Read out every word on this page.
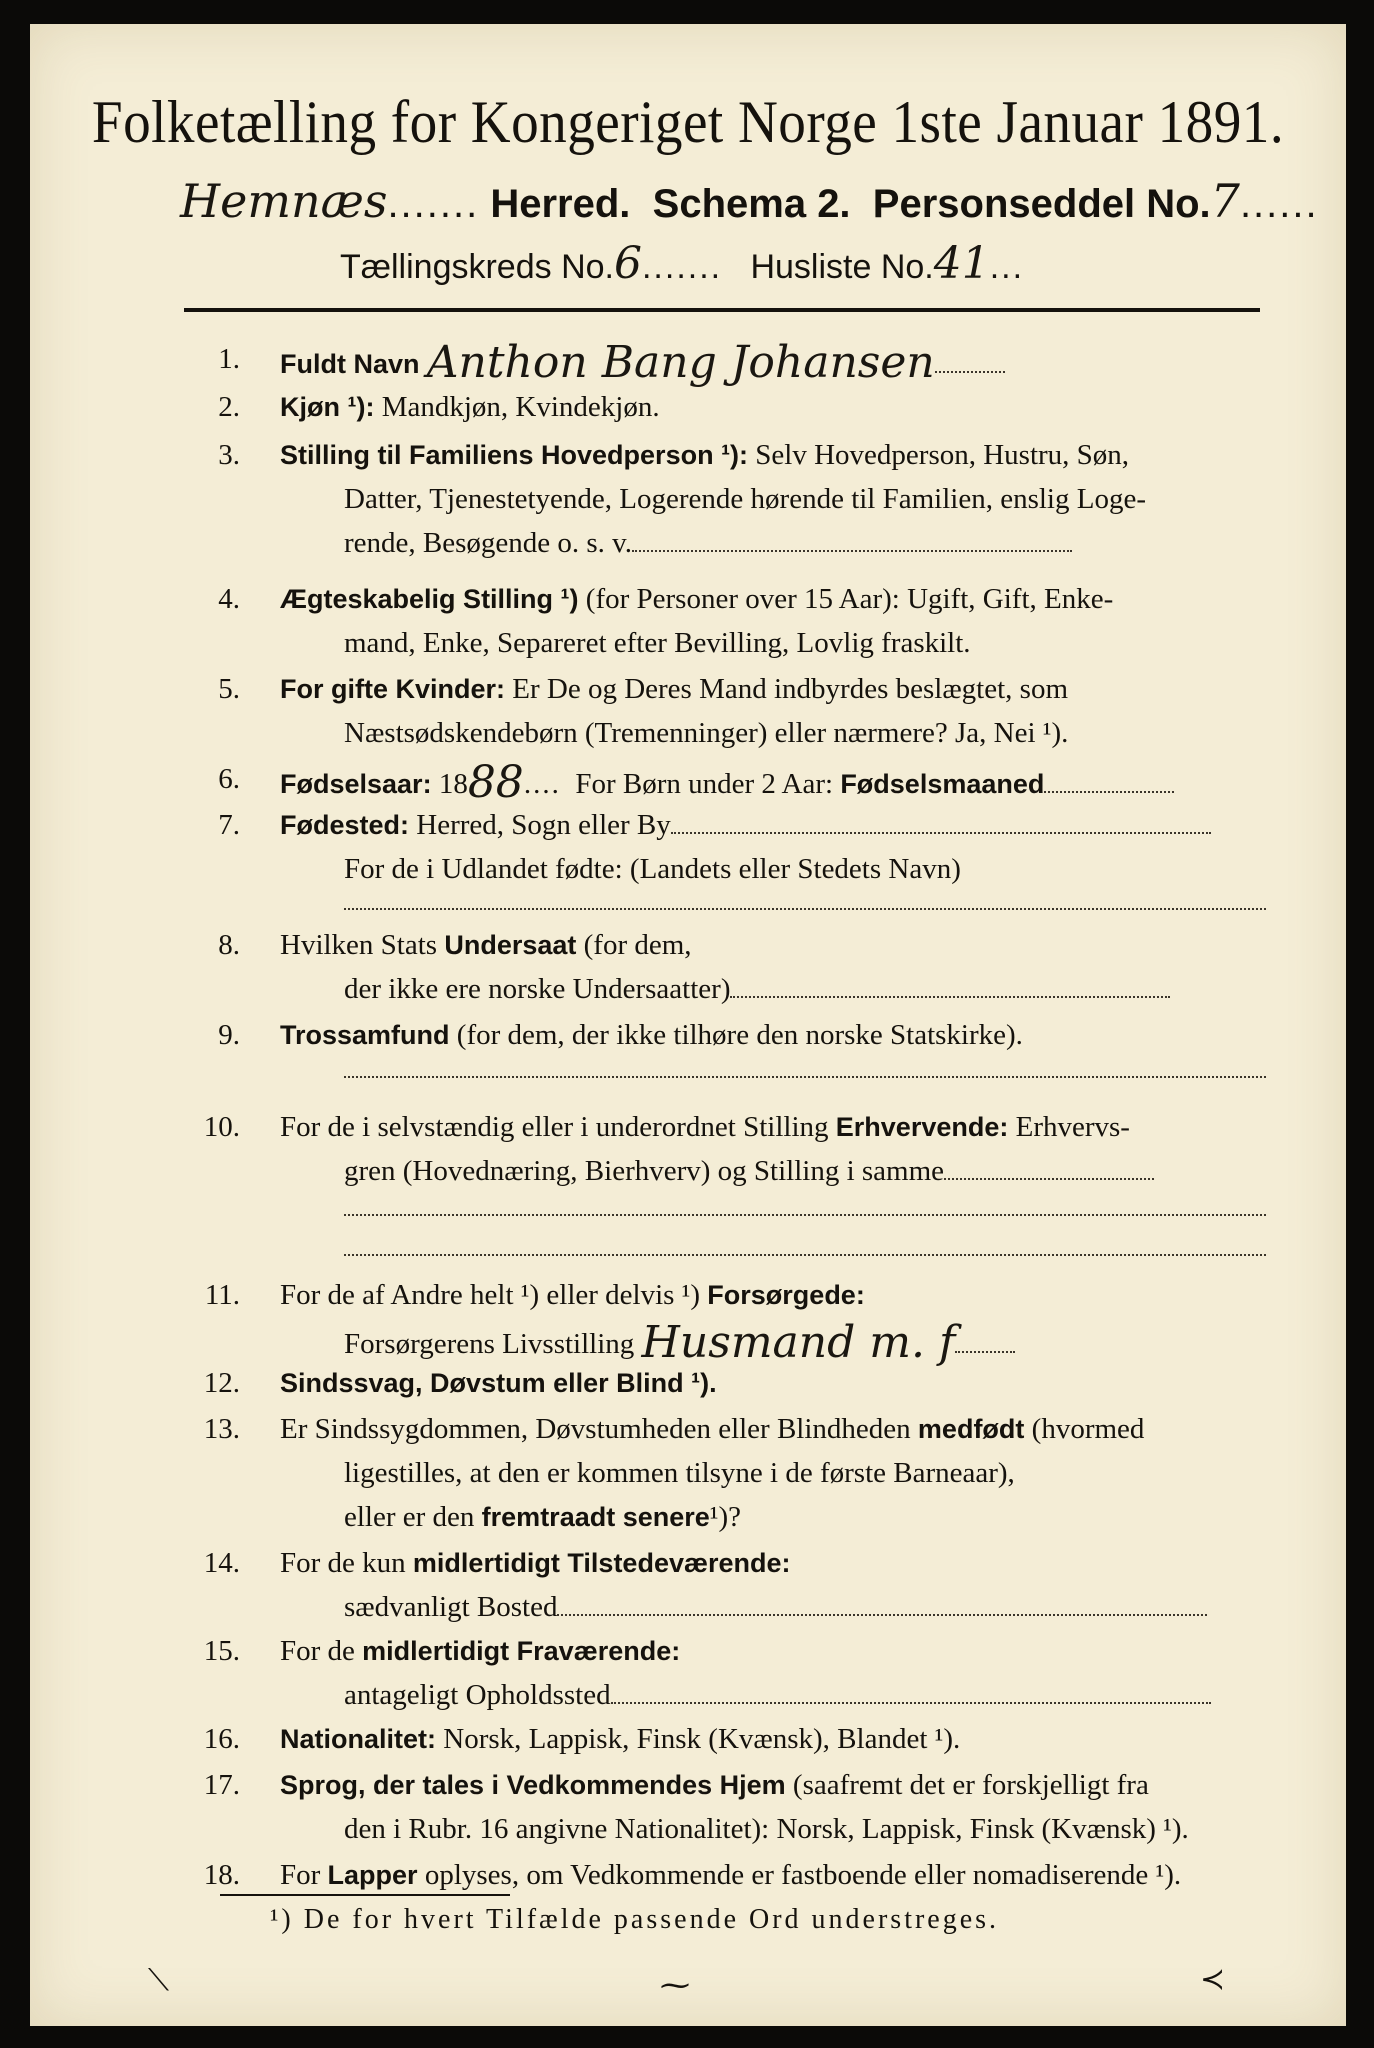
Folketælling for Kongeriget Norge 1ste Januar 1891.
Hemnæs....... Herred. Schema 2. Personseddel No.7......
Tællingskreds No.6....... Husliste No.41...
1. Fuldt Navn Anthon Bang Johansen
2. Kjøn ¹): Mandkjøn, Kvindekjøn.
3. Stilling til Familiens Hovedperson ¹): Selv Hovedperson, Hustru, Søn,
Datter, Tjenestetyende, Logerende hørende til Familien, enslig Loge-
rende, Besøgende o. s. v.
4. Ægteskabelig Stilling ¹) (for Personer over 15 Aar): Ugift, Gift, Enke-
mand, Enke, Separeret efter Bevilling, Lovlig fraskilt.
5. For gifte Kvinder: Er De og Deres Mand indbyrdes beslægtet, som
Næstsødskendebørn (Tremenninger) eller nærmere? Ja, Nei ¹).
6. Fødselsaar: 1888.... For Børn under 2 Aar: Fødselsmaaned
7. Fødested: Herred, Sogn eller By
For de i Udlandet fødte: (Landets eller Stedets Navn)
8. Hvilken Stats Undersaat (for dem,
der ikke ere norske Undersaatter)
9. Trossamfund (for dem, der ikke tilhøre den norske Statskirke).
10. For de i selvstændig eller i underordnet Stilling Erhvervende: Erhvervs-
gren (Hovednæring, Bierhverv) og Stilling i samme
11. For de af Andre helt ¹) eller delvis ¹) Forsørgede:
Forsørgerens Livsstilling Husmand m. f
12. Sindssvag, Døvstum eller Blind ¹).
13. Er Sindssygdommen, Døvstumheden eller Blindheden medfødt (hvormed
ligestilles, at den er kommen tilsyne i de første Barneaar),
eller er den fremtraadt senere¹)?
14. For de kun midlertidigt Tilstedeværende:
sædvanligt Bosted
15. For de midlertidigt Fraværende:
antageligt Opholdssted
16. Nationalitet: Norsk, Lappisk, Finsk (Kvænsk), Blandet ¹).
17. Sprog, der tales i Vedkommendes Hjem (saafremt det er forskjelligt fra
den i Rubr. 16 angivne Nationalitet): Norsk, Lappisk, Finsk (Kvænsk) ¹).
18. For Lapper oplyses, om Vedkommende er fastboende eller nomadiserende ¹).
¹) De for hvert Tilfælde passende Ord understreges.
⟍	⁓	≺
